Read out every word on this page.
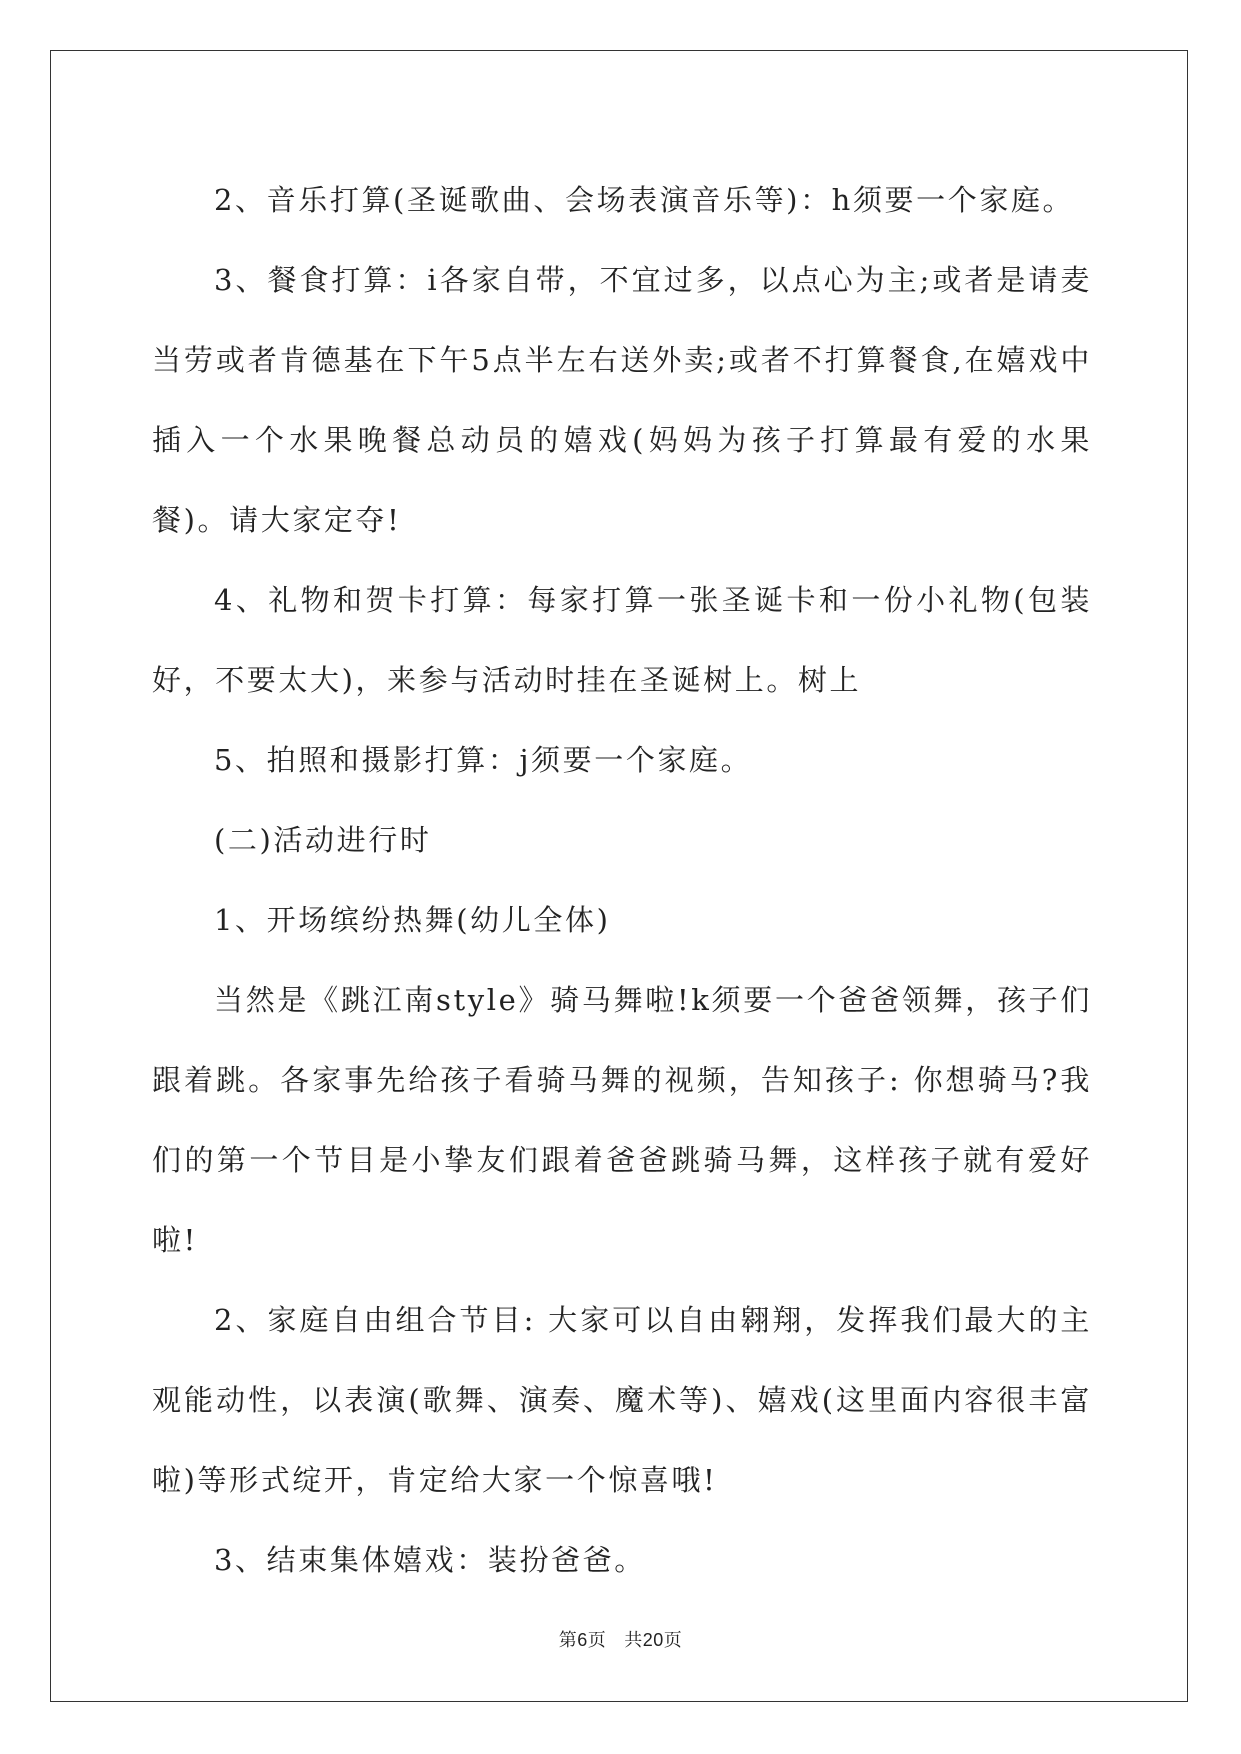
2、音乐打算(圣诞歌曲、会场表演音乐等)：h须要一个家庭。

3、餐食打算：i各家自带，不宜过多，以点心为主;或者是请麦当劳或者肯德基在下午5点半左右送外卖;或者不打算餐食,在嬉戏中插入一个水果晚餐总动员的嬉戏(妈妈为孩子打算最有爱的水果餐)。请大家定夺!

4、礼物和贺卡打算：每家打算一张圣诞卡和一份小礼物(包装好，不要太大)，来参与活动时挂在圣诞树上。树上

5、拍照和摄影打算：j须要一个家庭。

(二)活动进行时

1、开场缤纷热舞(幼儿全体)

当然是《跳江南style》骑马舞啦!k须要一个爸爸领舞，孩子们跟着跳。各家事先给孩子看骑马舞的视频，告知孩子: 你想骑马?我们的第一个节目是小挚友们跟着爸爸跳骑马舞，这样孩子就有爱好啦!

2、家庭自由组合节目: 大家可以自由翱翔，发挥我们最大的主观能动性，以表演(歌舞、演奏、魔术等)、嬉戏(这里面内容很丰富啦)等形式绽开，肯定给大家一个惊喜哦!

3、结束集体嬉戏：装扮爸爸。

第6页 共20页
